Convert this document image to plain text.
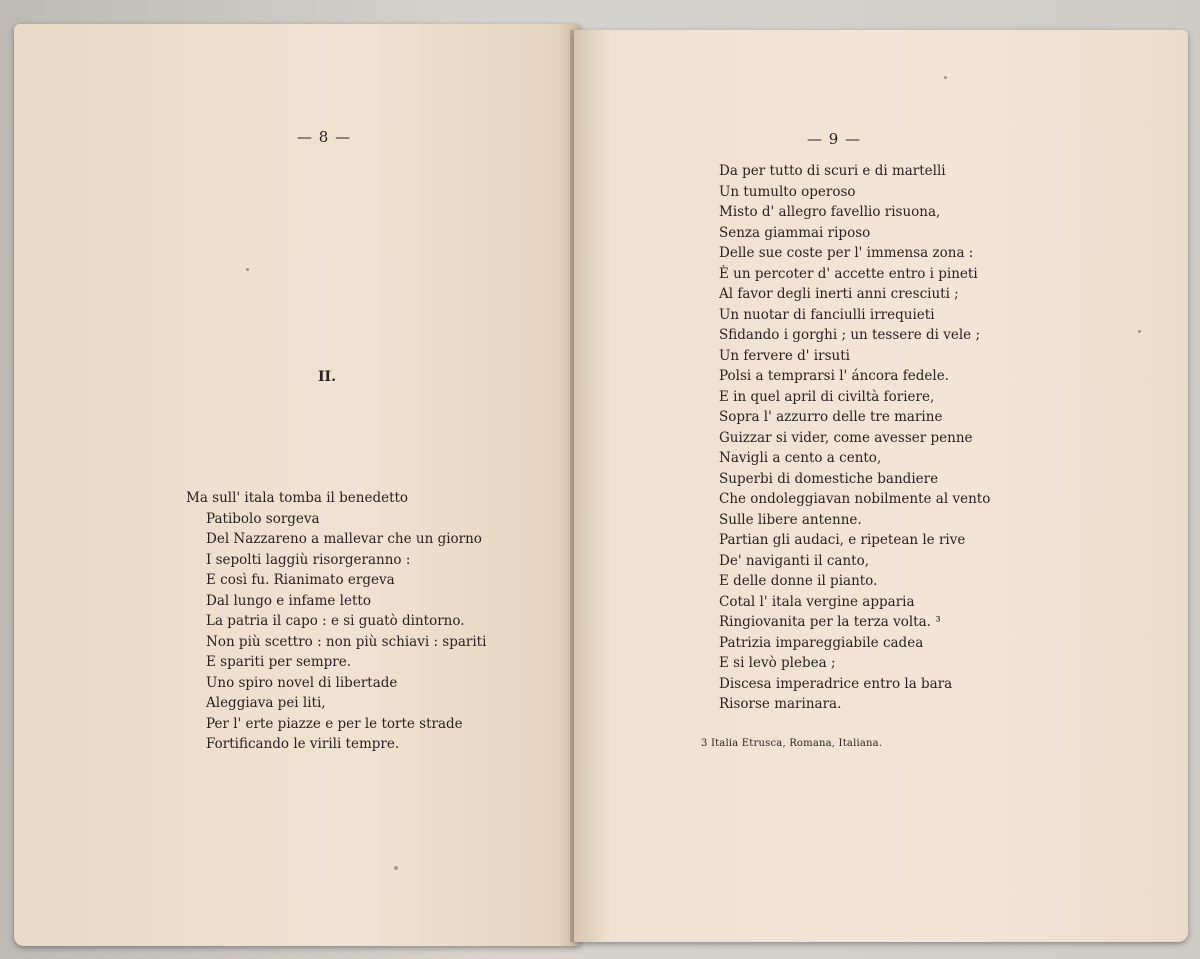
— 8 —
II.
Ma sull' itala tomba il benedetto
Patibolo sorgeva
Del Nazzareno a mallevar che un giorno
I sepolti laggiù risorgeranno :
E così fu. Rianimato ergeva
Dal lungo e infame letto
La patria il capo : e si guatò dintorno.
Non più scettro : non più schiavi : spariti
E spariti per sempre.
Uno spiro novel di libertade
Aleggiava pei liti,
Per l' erte piazze e per le torte strade
Fortificando le virili tempre.
— 9 —
Da per tutto di scuri e di martelli
Un tumulto operoso
Misto d' allegro favellio risuona,
Senza giammai riposo
Delle sue coste per l' immensa zona :
È un percoter d' accette entro i pineti
Al favor degli inerti anni cresciuti ;
Un nuotar di fanciulli irrequieti
Sfidando i gorghi ; un tessere di vele ;
Un fervere d' irsuti
Polsi a temprarsi l' áncora fedele.
E in quel april di civiltà foriere,
Sopra l' azzurro delle tre marine
Guizzar si vider, come avesser penne
Navigli a cento a cento,
Superbi di domestiche bandiere
Che ondoleggiavan nobilmente al vento
Sulle libere antenne.
Partian gli audaci, e ripetean le rive
De' naviganti il canto,
E delle donne il pianto.
Cotal l' itala vergine apparia
Ringiovanita per la terza volta. ³
Patrizia impareggiabile cadea
E si levò plebea ;
Discesa imperadrice entro la bara
Risorse marinara.
3 Italia Etrusca, Romana, Italiana.
